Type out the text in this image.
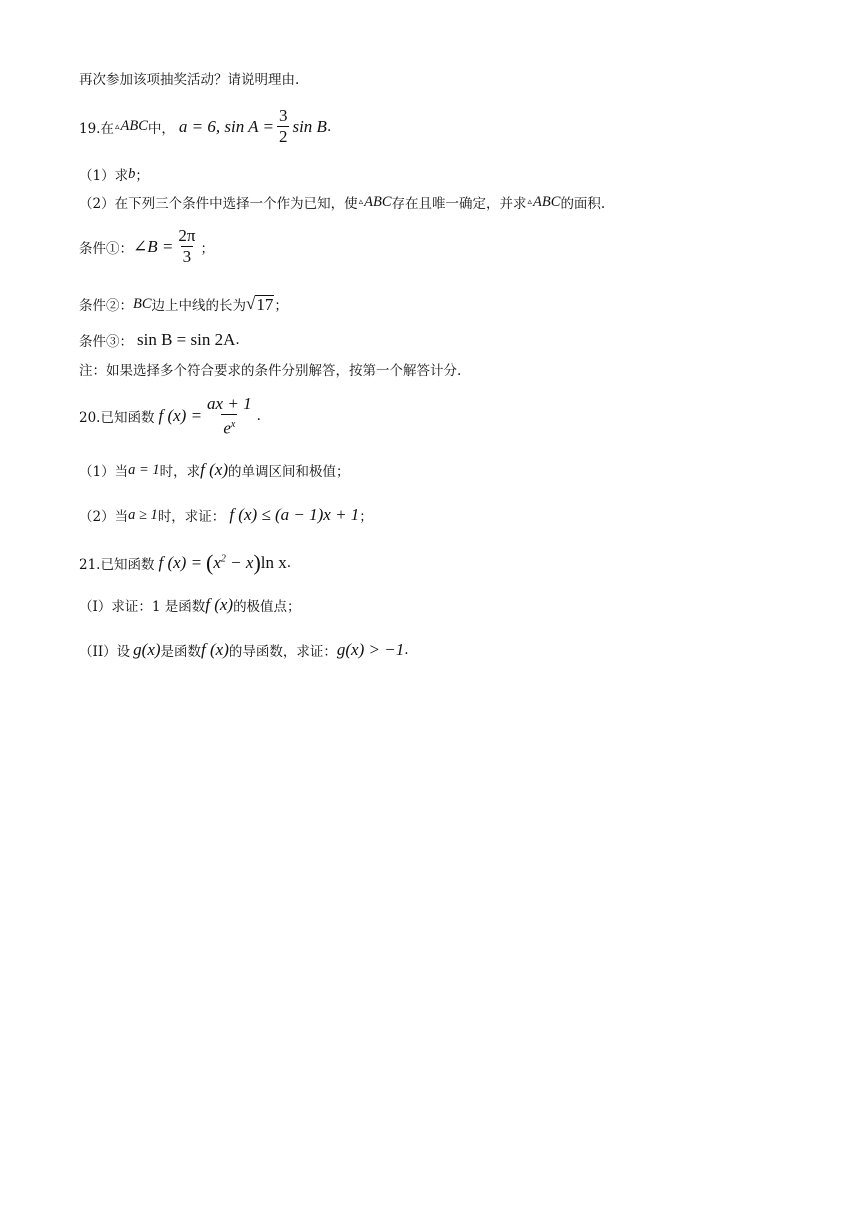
再次参加该项抽奖活动？请说明理由.
19.在 ▵ ABC 中， a = 6, $\sin A = \frac{3}{2}$ sin B .
（1）求 b ；
（2）在下列三个条件中选择一个作为已知，使 ▵ ABC 存在且唯一确定，并求 ▵ ABC 的面积.
条件①： ∠B = $\frac{2\pi}{3}$ ；
条件②： BC 边上中线的长为 √ 17 ；
条件③： sin B = sin 2A .
注：如果选择多个符合要求的条件分别解答，按第一个解答计分.
20.已知函数 f $(x) = \frac{ax + 1}{e^x}$ .
（1）当 a = 1 时，求 f (x) 的单调区间和极值；
（2）当 a ≥ 1 时，求证： f (x) ≤ (a − 1)x + 1 ；
21.已知函数 f (x) = ( $x^2 - x$ ) ln x .
（I）求证：1 是函数 f (x) 的极值点；
（II）设 g(x) 是函数 f (x) 的导函数，求证： g(x) > −1 .
